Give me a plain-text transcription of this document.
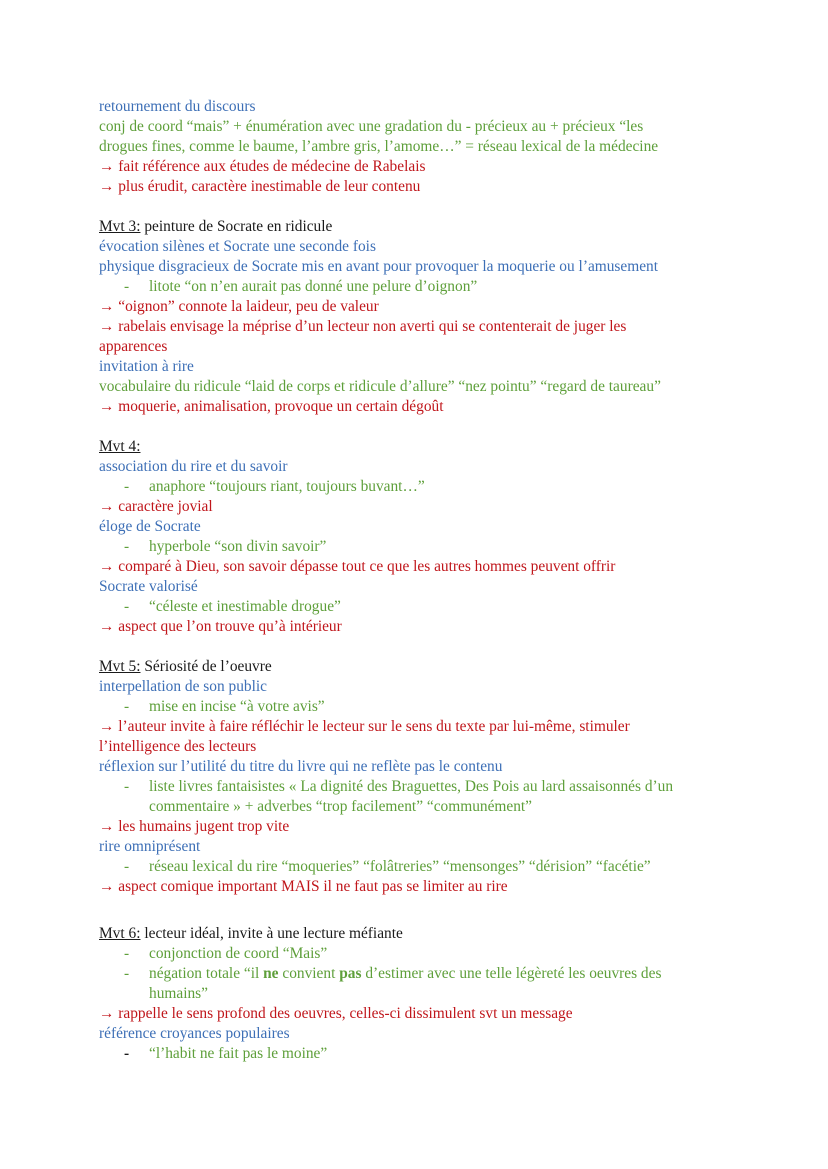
retournement du discours
conj de coord “mais” + énumération avec une gradation du - précieux au + précieux “les
drogues fines, comme le baume, l’ambre gris, l’amome…” = réseau lexical de la médecine
→ fait référence aux études de médecine de Rabelais
→ plus érudit, caractère inestimable de leur contenu
Mvt 3: peinture de Socrate en ridicule
évocation silènes et Socrate une seconde fois
physique disgracieux de Socrate mis en avant pour provoquer la moquerie ou l’amusement
- litote “on n’en aurait pas donné une pelure d’oignon”
→ “oignon” connote la laideur, peu de valeur
→ rabelais envisage la méprise d’un lecteur non averti qui se contenterait de juger les
apparences
invitation à rire
vocabulaire du ridicule “laid de corps et ridicule d’allure” “nez pointu” “regard de taureau”
→ moquerie, animalisation, provoque un certain dégoût
Mvt 4:
association du rire et du savoir
- anaphore “toujours riant, toujours buvant…”
→ caractère jovial
éloge de Socrate
- hyperbole “son divin savoir”
→ comparé à Dieu, son savoir dépasse tout ce que les autres hommes peuvent offrir
Socrate valorisé
- “céleste et inestimable drogue”
→ aspect que l’on trouve qu’à intérieur
Mvt 5: Sériosité de l’oeuvre
interpellation de son public
- mise en incise “à votre avis”
→ l’auteur invite à faire réfléchir le lecteur sur le sens du texte par lui-même, stimuler
l’intelligence des lecteurs
réflexion sur l’utilité du titre du livre qui ne reflète pas le contenu
- liste livres fantaisistes « La dignité des Braguettes, Des Pois au lard assaisonnés d’un
commentaire » + adverbes “trop facilement” “communément”
→ les humains jugent trop vite
rire omniprésent
- réseau lexical du rire “moqueries” “folâtreries” “mensonges” “dérision” “facétie”
→ aspect comique important MAIS il ne faut pas se limiter au rire
Mvt 6: lecteur idéal, invite à une lecture méfiante
- conjonction de coord “Mais”
- négation totale “il ne convient pas d’estimer avec une telle légèreté les oeuvres des
humains”
→ rappelle le sens profond des oeuvres, celles-ci dissimulent svt un message
référence croyances populaires
- “l’habit ne fait pas le moine”
